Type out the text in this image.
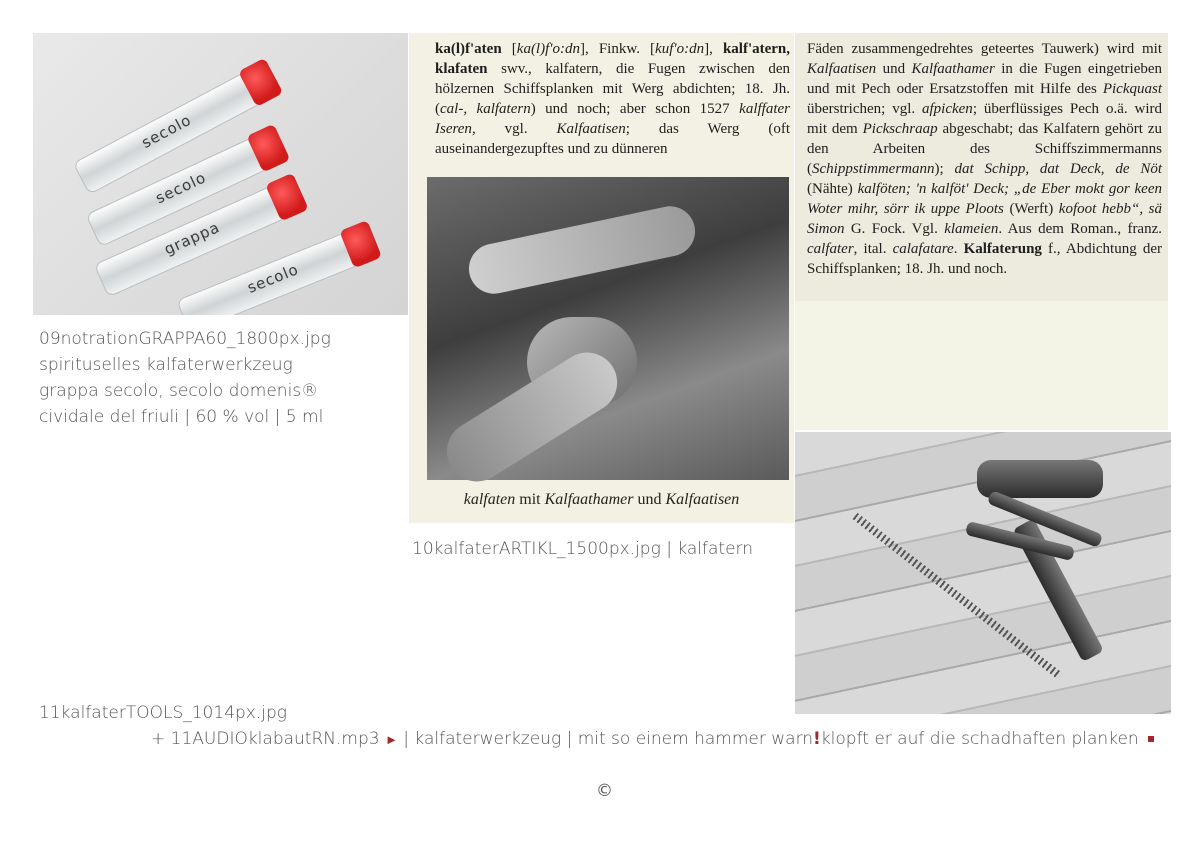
secolo
secolo
grappa
secolo
09notrationGRAPPA60_1800px.jpg
spirituselles kalfaterwerkzeug
grappa secolo, secolo domenis®
cividale del friuli | 60 % vol | 5 ml
ka(l)f'aten [ka(l)f'o:dn], Finkw. [kuf'o:dn], kalf'atern, klafaten swv., kalfatern, die Fugen zwischen den hölzernen Schiffsplanken mit Werg abdichten; 18. Jh. (cal-, kalfatern) und noch; aber schon 1527 kalffater Iseren, vgl. Kalfaatisen; das Werg (oft auseinandergezupftes und zu dünneren
kalfaten mit Kalfaathamer und Kalfaatisen
10kalfaterARTIKL_1500px.jpg | kalfatern
Fäden zusammengedrehtes geteertes Tauwerk) wird mit Kalfaatisen und Kalfaathamer in die Fugen eingetrieben und mit Pech oder Ersatzstoffen mit Hilfe des Pickquast überstrichen; vgl. afpicken; überflüssiges Pech o.ä. wird mit dem Pickschraap abgeschabt; das Kalfatern gehört zu den Arbeiten des Schiffszimmermanns (Schippstimmermann); dat Schipp, dat Deck, de Nöt (Nähte) kalföten; 'n kalföt' Deck; „de Eber mokt gor keen Woter mihr, sörr ik uppe Ploots (Werft) kofoot hebb“, sä Simon G. Fock. Vgl. klameien. Aus dem Roman., franz. calfater, ital. calafatare. Kalfaterung f., Abdichtung der Schiffsplanken; 18. Jh. und noch.
11kalfaterTOOLS_1014px.jpg
+ 11AUDIOklabautRN.mp3 ► | kalfaterwerkzeug | mit so einem hammer warn!klopft er auf die schadhaften planken
©
